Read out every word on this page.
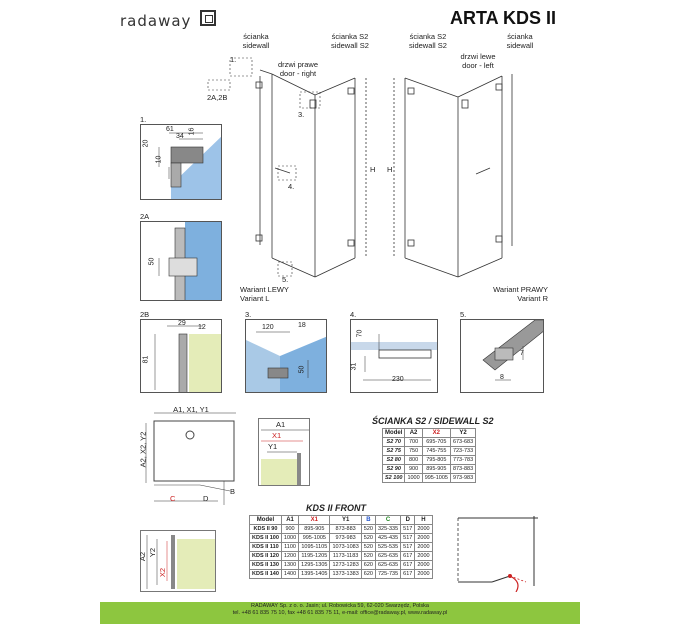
radaway	ARTA KDS II
ścianka
sidewall
drzwi prawe
door - right
ścianka S2
sidewall S2
2A,2B
1.
3.
4.
5.
H
Wariant LEWY
Variant L
ścianka S2
sidewall S2
drzwi lewe
door - left
ścianka
sidewall
H
Wariant PRAWY
Variant R
1.
61
34
16
20
10
2A
50
2B
29
12
81
3.
120	18
50
4.
70
31
230
5.
7
8
A1, X1, Y1
A2, X2, Y2
C	D
B
A1
X1
Y1
ŚCIANKA S2 / SIDEWALL S2
Model	A2	X2	Y2
S2 70	700	695-705	673-683
S2 75	750	745-755	723-733
S2 80	800	795-805	773-783
S2 90	900	895-905	873-883
S2 100	1000	995-1005	973-983
KDS II FRONT
Model	A1	X1	Y1	B	C	D	H
KDS II 90	900	895-905	873-883	520	325-335	517	2000
KDS II 100	1000	995-1005	973-983	520	425-435	517	2000
KDS II 110	1100	1095-1105	1073-1083	520	525-535	517	2000
KDS II 120	1200	1195-1205	1173-1183	520	625-635	617	2000
KDS II 130	1300	1295-1305	1273-1283	620	625-635	617	2000
KDS II 140	1400	1395-1405	1373-1383	620	725-735	617	2000
A2 Y2
X2
RADAWAY Sp. z o. o. Jasin; ul. Robowicka 59, 62-020 Swarzędz, Polska
tel. +48 61 835 75 10, fax +48 61 835 75 11, e-mail: office@radaway.pl, www.radaway.pl
